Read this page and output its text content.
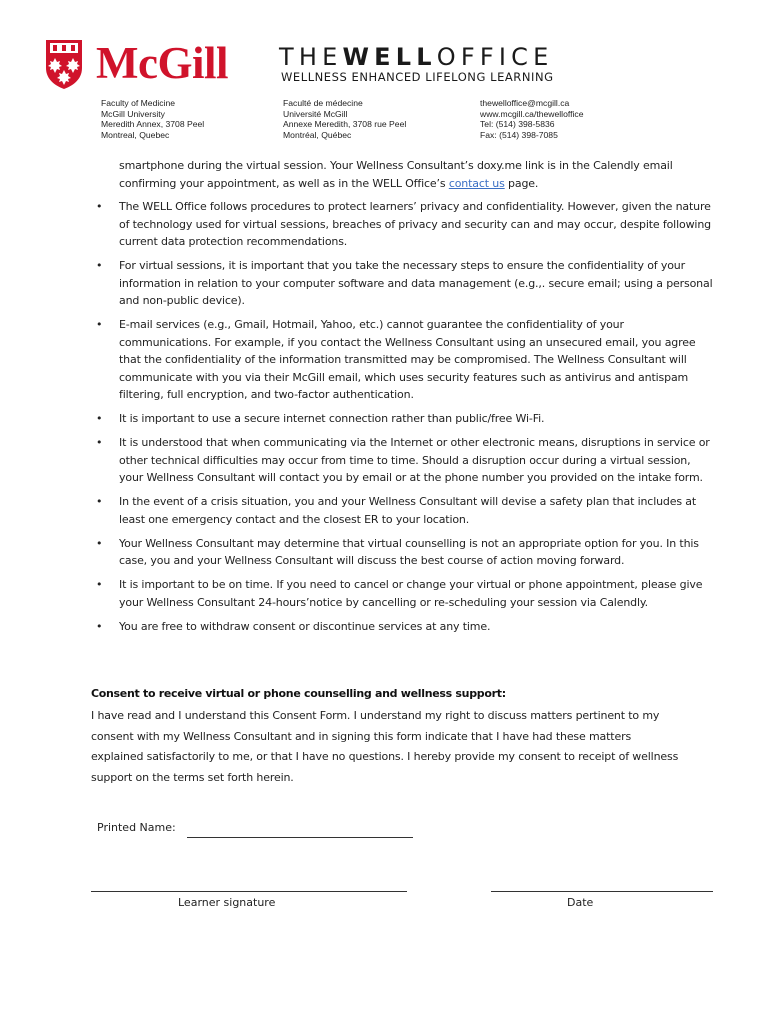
McGill THEWELLOFFICE
WELLNESS ENHANCED LIFELONG LEARNING
Faculty of Medicine
McGill University
Meredith Annex, 3708 Peel
Montreal, Quebec
Faculté de médecine
Université McGill
Annexe Meredith, 3708 rue Peel
Montréal, Québec
thewelloffice@mcgill.ca
www.mcgill.ca/thewelloffice
Tel: (514) 398-5836
Fax: (514) 398-7085

smartphone during the virtual session. Your Wellness Consultant’s doxy.me link is in the Calendly email confirming your appointment, as well as in the WELL Office’s contact us page.

• The WELL Office follows procedures to protect learners’ privacy and confidentiality. However, given the nature of technology used for virtual sessions, breaches of privacy and security can and may occur, despite following current data protection recommendations.
• For virtual sessions, it is important that you take the necessary steps to ensure the confidentiality of your information in relation to your computer software and data management (e.g.,. secure email; using a personal and non-public device).
• E-mail services (e.g., Gmail, Hotmail, Yahoo, etc.) cannot guarantee the confidentiality of your communications. For example, if you contact the Wellness Consultant using an unsecured email, you agree that the confidentiality of the information transmitted may be compromised. The Wellness Consultant will communicate with you via their McGill email, which uses security features such as antivirus and antispam filtering, full encryption, and two-factor authentication.
• It is important to use a secure internet connection rather than public/free Wi-Fi.
• It is understood that when communicating via the Internet or other electronic means, disruptions in service or other technical difficulties may occur from time to time. Should a disruption occur during a virtual session, your Wellness Consultant will contact you by email or at the phone number you provided on the intake form.
• In the event of a crisis situation, you and your Wellness Consultant will devise a safety plan that includes at least one emergency contact and the closest ER to your location.
• Your Wellness Consultant may determine that virtual counselling is not an appropriate option for you. In this case, you and your Wellness Consultant will discuss the best course of action moving forward.
• It is important to be on time. If you need to cancel or change your virtual or phone appointment, please give your Wellness Consultant 24-hours’notice by cancelling or re-scheduling your session via Calendly.
• You are free to withdraw consent or discontinue services at any time.
Consent to receive virtual or phone counselling and wellness support:

I have read and I understand this Consent Form. I understand my right to discuss matters pertinent to my consent with my Wellness Consultant and in signing this form indicate that I have had these matters explained satisfactorily to me, or that I have no questions. I hereby provide my consent to receipt of wellness support on the terms set forth herein.

Printed Name:
Learner signature	Date
